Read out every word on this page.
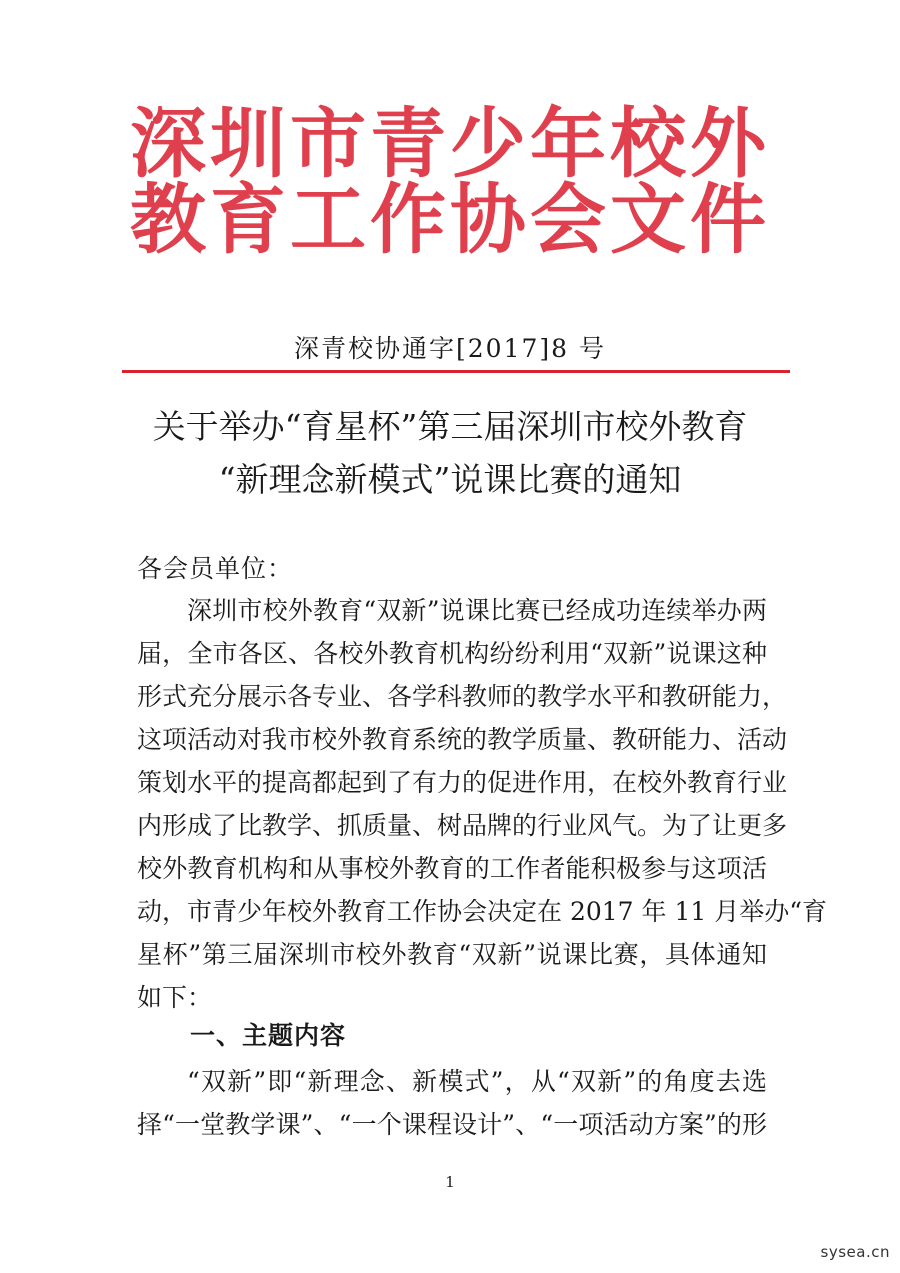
深圳市青少年校外
教育工作协会文件
深青校协通字[2017]8 号
关于举办“育星杯”第三届深圳市校外教育
“新理念新模式”说课比赛的通知
各会员单位：
深圳市校外教育“双新”说课比赛已经成功连续举办两
届，全市各区、各校外教育机构纷纷利用“双新”说课这种
形式充分展示各专业、各学科教师的教学水平和教研能力，
这项活动对我市校外教育系统的教学质量、教研能力、活动
策划水平的提高都起到了有力的促进作用，在校外教育行业
内形成了比教学、抓质量、树品牌的行业风气。为了让更多
校外教育机构和从事校外教育的工作者能积极参与这项活
动，市青少年校外教育工作协会决定在 2017 年 11 月举办“育
星杯”第三届深圳市校外教育“双新”说课比赛，具体通知
如下：
一、主题内容
“双新”即“新理念、新模式”，从“双新”的角度去选
择“一堂教学课”、“一个课程设计”、“一项活动方案”的形
1
sysea.cn
